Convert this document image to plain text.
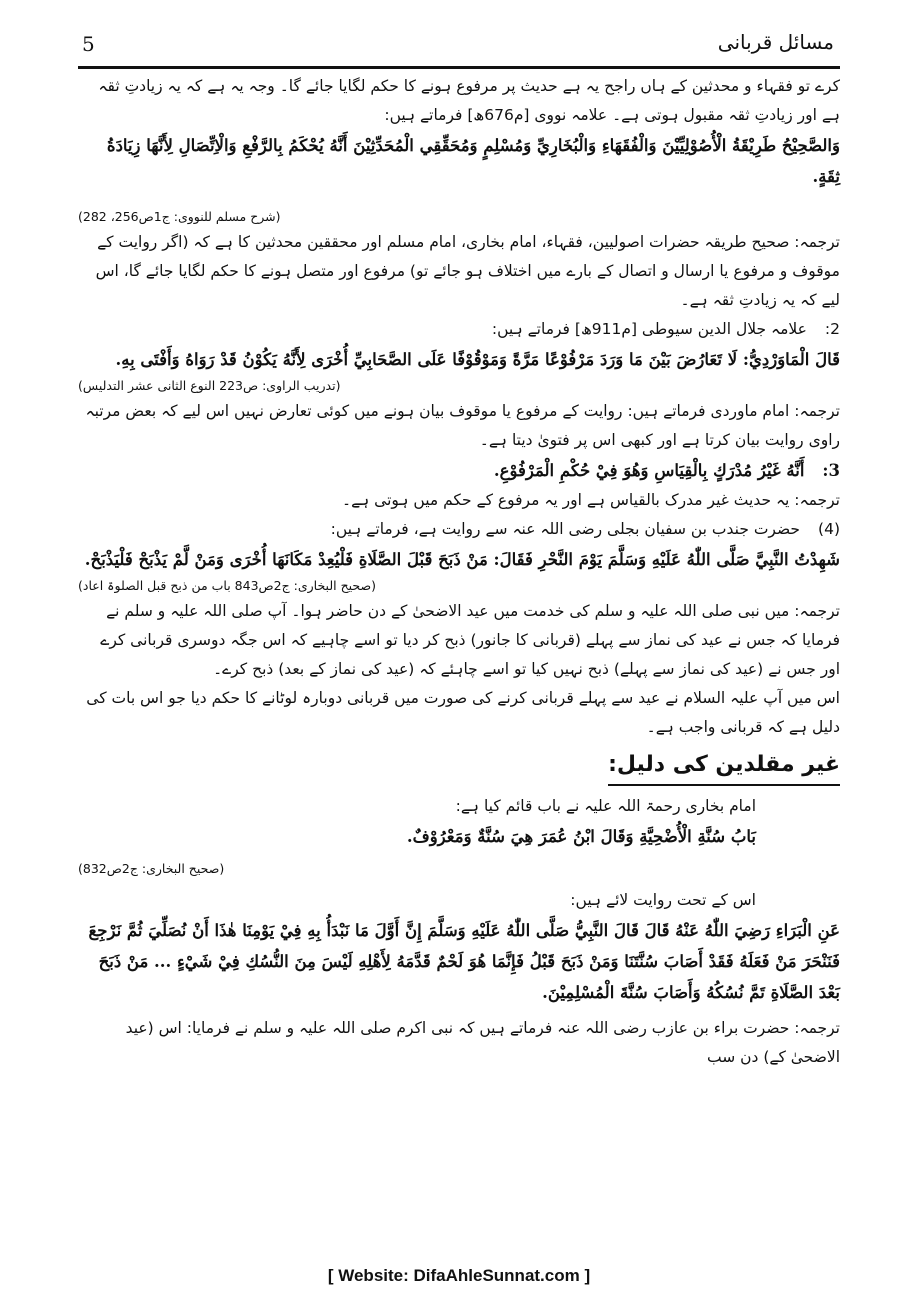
5	مسائل قربانی

کرے تو فقہاء و محدثین کے ہاں راجح یہ ہے حدیث پر مرفوع ہونے کا حکم لگایا جائے گا۔ وجہ یہ ہے کہ یہ زیادتِ ثقہ ہے اور زیادتِ ثقہ مقبول ہوتی ہے۔ علامہ نووی [م676ھ] فرماتے ہیں:

وَالصَّحِيْحُ طَرِيْقَةُ الْأُصُوْلِيِّيْنَ وَالْفُقَهَاءِ وَالْبُخَارِيِّ وَمُسْلِمٍ وَمُحَقِّقِي الْمُحَدِّثِيْنَ أَنَّهُ يُحْكَمُ بِالرَّفْعِ وَالْاِتِّصَالِ لِأَنَّهَا زِيَادَةُ ثِقَةٍ.

(شرح مسلم للنووی: ج1ص256، 282)

ترجمہ: صحیح طریقہ حضرات اصولیین، فقہاء، امام بخاری، امام مسلم اور محققین محدثین کا ہے کہ (اگر روایت کے موقوف و مرفوع یا ارسال و اتصال کے بارے میں اختلاف ہو جائے تو) مرفوع اور متصل ہونے کا حکم لگایا جائے گا، اس لیے کہ یہ زیادتِ ثقہ ہے۔

2:علامہ جلال الدین سیوطی [م911ھ] فرماتے ہیں:

قَالَ الْمَاوَرْدِيُّ: لَا تَعَارُضَ بَيْنَ مَا وَرَدَ مَرْفُوْعًا مَرَّةً وَمَوْقُوْفًا عَلَى الصَّحَابِيِّ أُخْرَى لِأَنَّهُ يَكُوْنُ قَدْ رَوَاهُ وَأَفْتَى بِهِ.

(تدریب الراوی: ص223 النوع الثانی عشر التدلیس)

ترجمہ: امام ماوردی فرماتے ہیں: روایت کے مرفوع یا موقوف بیان ہونے میں کوئی تعارض نہیں اس لیے کہ بعض مرتبہ راوی روایت بیان کرتا ہے اور کبھی اس پر فتویٰ دیتا ہے۔

3:أَنَّهُ غَيْرُ مُدْرَكٍ بِالْقِيَاسِ وَهُوَ فِيْ حُكْمِ الْمَرْفُوْعِ.

ترجمہ: یہ حدیث غیر مدرک بالقیاس ہے اور یہ مرفوع کے حکم میں ہوتی ہے۔

(4)حضرت جندب بن سفیان بجلی رضی اللہ عنہ سے روایت ہے، فرماتے ہیں:

شَهِدْتُ النَّبِيَّ صَلَّى اللّٰهُ عَلَيْهِ وَسَلَّمَ يَوْمَ النَّحْرِ فَقَالَ: مَنْ ذَبَحَ قَبْلَ الصَّلَاةِ فَلْيُعِدْ مَكَانَهَا أُخْرَى وَمَنْ لَّمْ يَذْبَحْ فَلْيَذْبَحْ.

(صحیح البخاری: ج2ص843 باب من ذبح قبل الصلوۃ اعاد)

ترجمہ: میں نبی صلی اللہ علیہ و سلم کی خدمت میں عید الاضحیٰ کے دن حاضر ہوا۔ آپ صلی اللہ علیہ و سلم نے فرمایا کہ جس نے عید کی نماز سے پہلے (قربانی کا جانور) ذبح کر دیا تو اسے چاہیے کہ اس جگہ دوسری قربانی کرے اور جس نے (عید کی نماز سے پہلے) ذبح نہیں کیا تو اسے چاہئے کہ (عید کی نماز کے بعد) ذبح کرے۔

اس میں آپ علیہ السلام نے عید سے پہلے قربانی کرنے کی صورت میں قربانی دوبارہ لوٹانے کا حکم دیا جو اس بات کی دلیل ہے کہ قربانی واجب ہے۔

غیر مقلدین کی دلیل:

امام بخاری رحمۃ اللہ علیہ نے باب قائم کیا ہے:

بَابُ سُنَّةِ الْأُضْحِيَّةِ وَقَالَ ابْنُ عُمَرَ هِيَ سُنَّةٌ وَمَعْرُوْفٌ.

(صحیح البخاری: ج2ص832)

اس کے تحت روایت لائے ہیں:

عَنِ الْبَرَاءِ رَضِيَ اللّٰهُ عَنْهُ قَالَ قَالَ النَّبِيُّ صَلَّى اللّٰهُ عَلَيْهِ وَسَلَّمَ إِنَّ أَوَّلَ مَا نَبْدَأُ بِهِ فِيْ يَوْمِنَا هٰذَا أَنْ نُصَلِّيَ ثُمَّ نَرْجِعَ فَنَنْحَرَ مَنْ فَعَلَهُ فَقَدْ أَصَابَ سُنَّتَنَا وَمَنْ ذَبَحَ قَبْلُ فَإِنَّمَا هُوَ لَحْمٌ قَدَّمَهُ لِأَهْلِهِ لَيْسَ مِنَ النُّسُكِ فِيْ شَيْءٍ ... مَنْ ذَبَحَ بَعْدَ الصَّلَاةِ تَمَّ نُسُكُهُ وَأَصَابَ سُنَّةَ الْمُسْلِمِيْنَ.

ترجمہ: حضرت براء بن عازب رضی اللہ عنہ فرماتے ہیں کہ نبی اکرم صلی اللہ علیہ و سلم نے فرمایا: اس (عید الاضحیٰ کے) دن سب

[ Website: DifaAhleSunnat.com ]
